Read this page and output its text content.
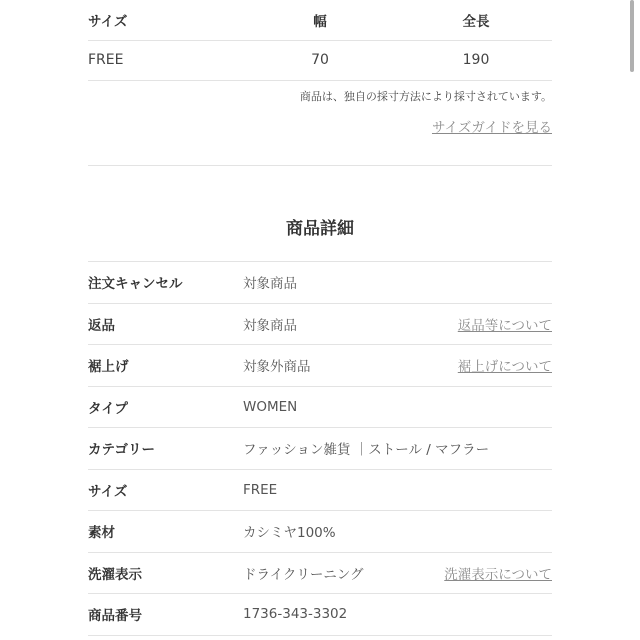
サイズ	幅	全長
FREE	70	190
商品は、独自の採寸方法により採寸されています。
サイズガイドを見る
商品詳細
注文キャンセル	対象商品
返品	対象商品	返品等について
裾上げ	対象外商品	裾上げについて
タイプ	WOMEN
カテゴリー	ファッション雑貨 ｜ストール / マフラー
サイズ	FREE
素材	カシミヤ100%
洗濯表示	ドライクリーニング	洗濯表示について
商品番号	1736-343-3302
